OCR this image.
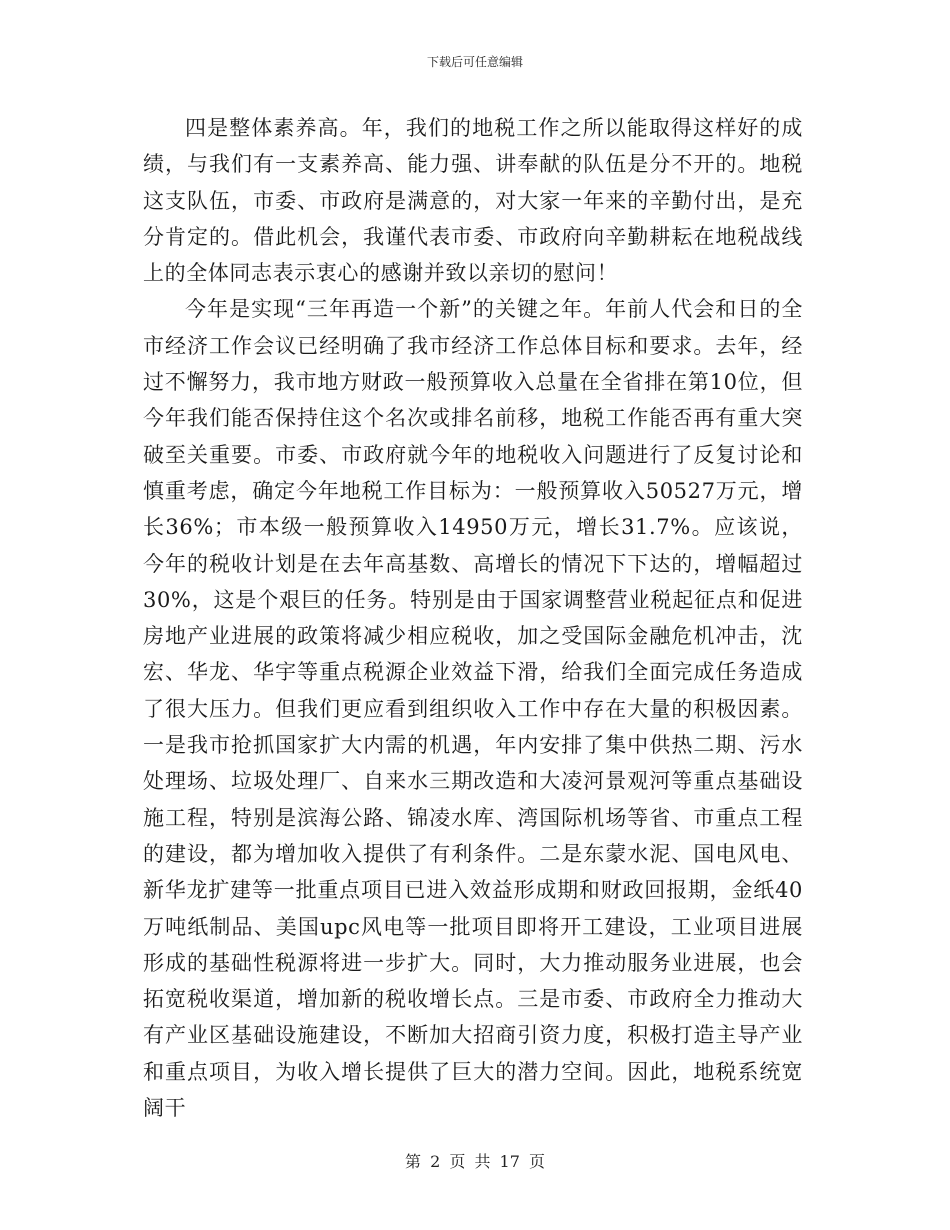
下载后可任意编辑

四是整体素养高。年，我们的地税工作之所以能取得这样好的成绩，与我们有一支素养高、能力强、讲奉献的队伍是分不开的。地税这支队伍，市委、市政府是满意的，对大家一年来的辛勤付出，是充分肯定的。借此机会，我谨代表市委、市政府向辛勤耕耘在地税战线上的全体同志表示衷心的感谢并致以亲切的慰问！

今年是实现“三年再造一个新”的关键之年。年前人代会和日的全市经济工作会议已经明确了我市经济工作总体目标和要求。去年，经过不懈努力，我市地方财政一般预算收入总量在全省排在第10位，但今年我们能否保持住这个名次或排名前移，地税工作能否再有重大突破至关重要。市委、市政府就今年的地税收入问题进行了反复讨论和慎重考虑，确定今年地税工作目标为：一般预算收入50527万元，增长36%；市本级一般预算收入14950万元，增长31.7%。应该说，今年的税收计划是在去年高基数、高增长的情况下下达的，增幅超过30%，这是个艰巨的任务。特别是由于国家调整营业税起征点和促进房地产业进展的政策将减少相应税收，加之受国际金融危机冲击，沈宏、华龙、华宇等重点税源企业效益下滑，给我们全面完成任务造成了很大压力。但我们更应看到组织收入工作中存在大量的积极因素。一是我市抢抓国家扩大内需的机遇，年内安排了集中供热二期、污水处理场、垃圾处理厂、自来水三期改造和大凌河景观河等重点基础设施工程，特别是滨海公路、锦凌水库、湾国际机场等省、市重点工程的建设，都为增加收入提供了有利条件。二是东蒙水泥、国电风电、新华龙扩建等一批重点项目已进入效益形成期和财政回报期，金纸40万吨纸制品、美国upc风电等一批项目即将开工建设，工业项目进展形成的基础性税源将进一步扩大。同时，大力推动服务业进展，也会拓宽税收渠道，增加新的税收增长点。三是市委、市政府全力推动大有产业区基础设施建设，不断加大招商引资力度，积极打造主导产业和重点项目，为收入增长提供了巨大的潜力空间。因此，地税系统宽阔干

第 2 页 共 17 页
